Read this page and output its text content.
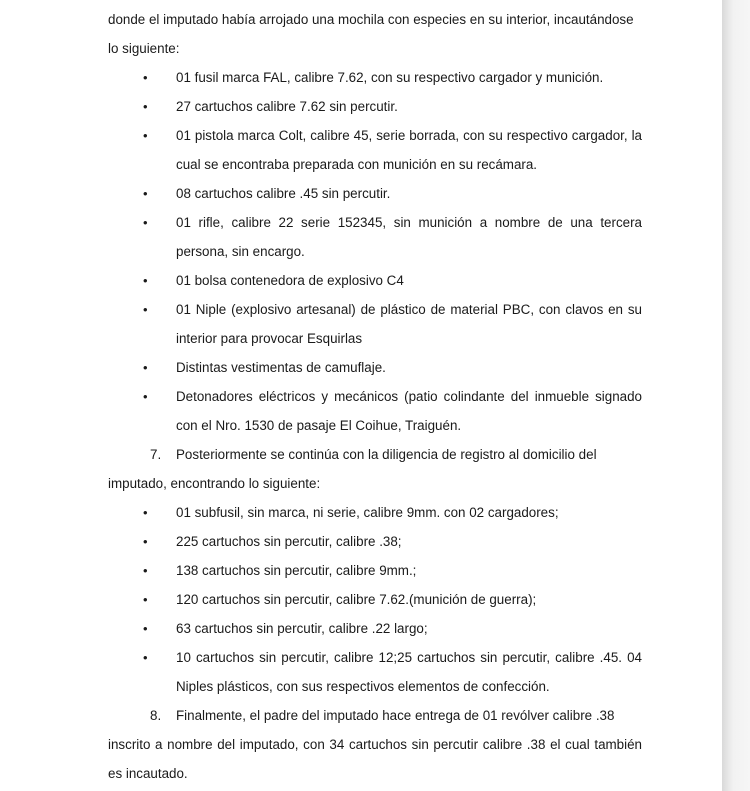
donde el imputado había arrojado una mochila con especies en su interior, incautándose
lo siguiente:

• 01 fusil marca FAL, calibre 7.62, con su respectivo cargador y munición.
• 27 cartuchos calibre 7.62 sin percutir.
• 01 pistola marca Colt, calibre 45, serie borrada, con su respectivo cargador, la cual se encontraba preparada con munición en su recámara.
• 08 cartuchos calibre .45 sin percutir.
• 01 rifle, calibre 22 serie 152345, sin munición a nombre de una tercera persona, sin encargo.
• 01 bolsa contenedora de explosivo C4
• 01 Niple (explosivo artesanal) de plástico de material PBC, con clavos en su interior para provocar Esquirlas
• Distintas vestimentas de camuflaje.
• Detonadores eléctricos y mecánicos (patio colindante del inmueble signado con el Nro. 1530 de pasaje El Coihue, Traiguén.
7. Posteriormente se continúa con la diligencia de registro al domicilio del

imputado, encontrando lo siguiente:

• 01 subfusil, sin marca, ni serie, calibre 9mm. con 02 cargadores;
• 225 cartuchos sin percutir, calibre .38;
• 138 cartuchos sin percutir, calibre 9mm.;
• 120 cartuchos sin percutir, calibre 7.62.(munición de guerra);
• 63 cartuchos sin percutir, calibre .22 largo;
• 10 cartuchos sin percutir, calibre 12;25 cartuchos sin percutir, calibre .45. 04 Niples plásticos, con sus respectivos elementos de confección.
8. Finalmente, el padre del imputado hace entrega de 01 revólver calibre .38

inscrito a nombre del imputado, con 34 cartuchos sin percutir calibre .38 el cual también es incautado.
